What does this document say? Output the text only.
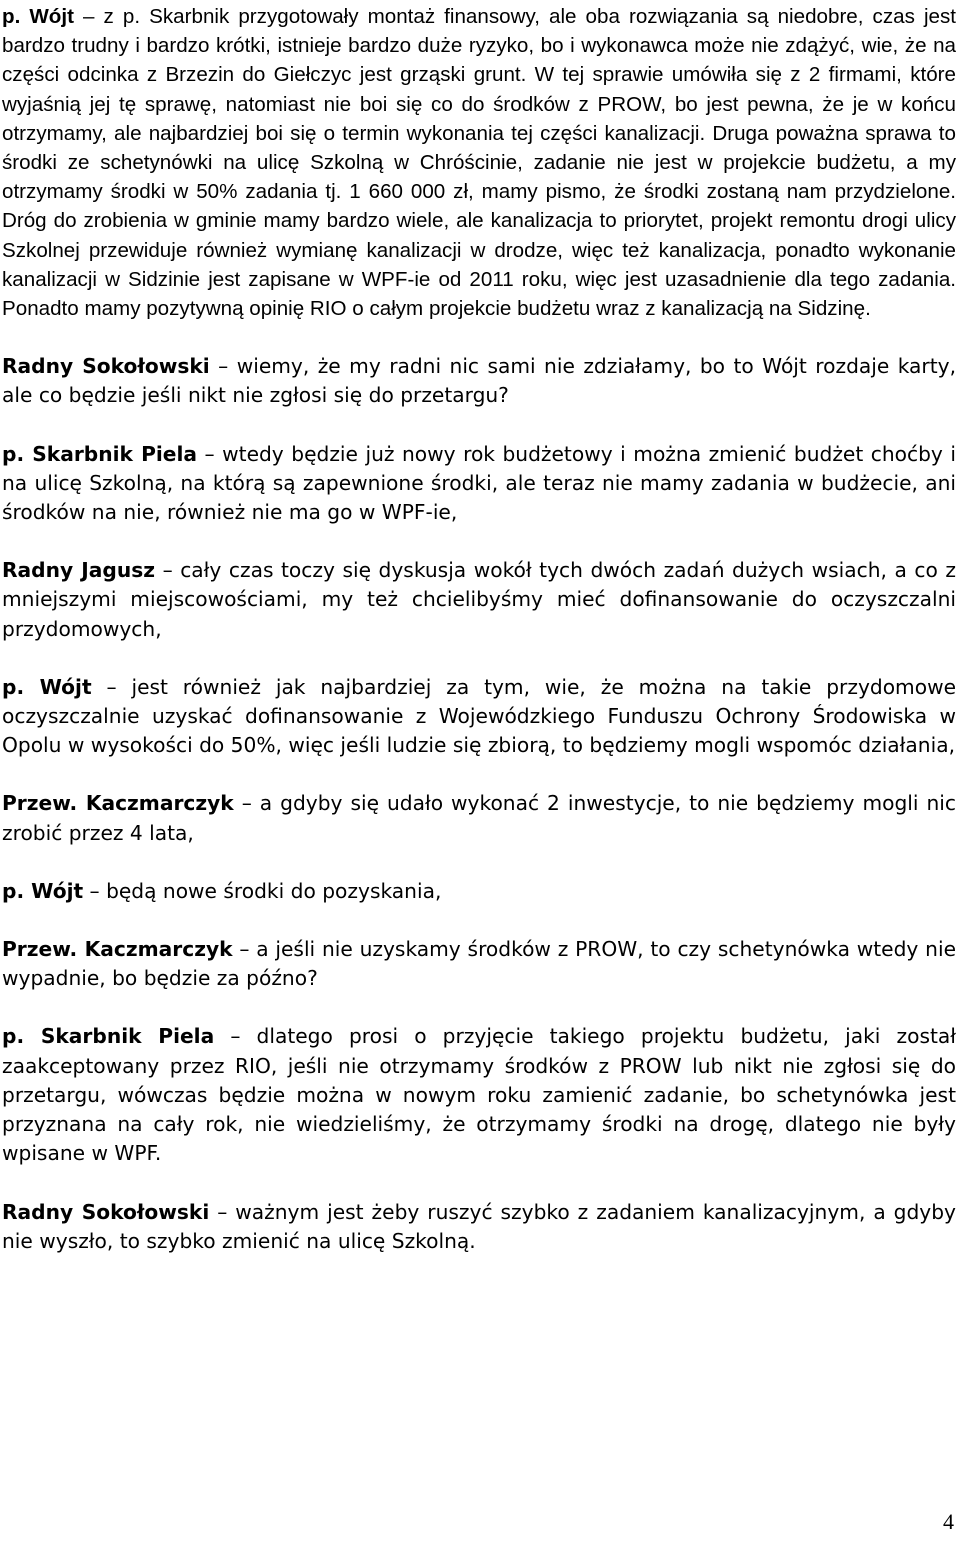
p. Wójt – z p. Skarbnik przygotowały montaż finansowy, ale oba rozwiązania są niedobre, czas jest bardzo trudny i bardzo krótki, istnieje bardzo duże ryzyko, bo i wykonawca może nie zdążyć, wie, że na części odcinka z Brzezin do Giełczyc jest grząski grunt. W tej sprawie umówiła się z 2 firmami, które wyjaśnią jej tę sprawę, natomiast nie boi się co do środków z PROW, bo jest pewna, że je w końcu otrzymamy, ale najbardziej boi się o termin wykonania tej części kanalizacji. Druga poważna sprawa to środki ze schetynówki na ulicę Szkolną w Chróścinie, zadanie nie jest w projekcie budżetu, a my otrzymamy środki w 50% zadania tj. 1 660 000 zł, mamy pismo, że środki zostaną nam przydzielone. Dróg do zrobienia w gminie mamy bardzo wiele, ale kanalizacja to priorytet, projekt remontu drogi ulicy Szkolnej przewiduje również wymianę kanalizacji w drodze, więc też kanalizacja, ponadto wykonanie kanalizacji w Sidzinie jest zapisane w WPF-ie od 2011 roku, więc jest uzasadnienie dla tego zadania. Ponadto mamy pozytywną opinię RIO o całym projekcie budżetu wraz z kanalizacją na Sidzinę.

Radny Sokołowski – wiemy, że my radni nic sami nie zdziałamy, bo to Wójt rozdaje karty, ale co będzie jeśli nikt nie zgłosi się do przetargu?

p. Skarbnik Piela – wtedy będzie już nowy rok budżetowy i można zmienić budżet choćby i na ulicę Szkolną, na którą są zapewnione środki, ale teraz nie mamy zadania w budżecie, ani środków na nie, również nie ma go w WPF-ie,

Radny Jagusz – cały czas toczy się dyskusja wokół tych dwóch zadań dużych wsiach, a co z mniejszymi miejscowościami, my też chcielibyśmy mieć dofinansowanie do oczyszczalni przydomowych,

p. Wójt – jest również jak najbardziej za tym, wie, że można na takie przydomowe oczyszczalnie uzyskać dofinansowanie z Wojewódzkiego Funduszu Ochrony Środowiska w Opolu w wysokości do 50%, więc jeśli ludzie się zbiorą, to będziemy mogli wspomóc działania,

Przew. Kaczmarczyk – a gdyby się udało wykonać 2 inwestycje, to nie będziemy mogli nic zrobić przez 4 lata,

p. Wójt – będą nowe środki do pozyskania,

Przew. Kaczmarczyk – a jeśli nie uzyskamy środków z PROW, to czy schetynówka wtedy nie wypadnie, bo będzie za późno?

p. Skarbnik Piela – dlatego prosi o przyjęcie takiego projektu budżetu, jaki został zaakceptowany przez RIO, jeśli nie otrzymamy środków z PROW lub nikt nie zgłosi się do przetargu, wówczas będzie można w nowym roku zamienić zadanie, bo schetynówka jest przyznana na cały rok, nie wiedzieliśmy, że otrzymamy środki na drogę, dlatego nie były wpisane w WPF.

Radny Sokołowski – ważnym jest żeby ruszyć szybko z zadaniem kanalizacyjnym, a gdyby nie wyszło, to szybko zmienić na ulicę Szkolną.

4
